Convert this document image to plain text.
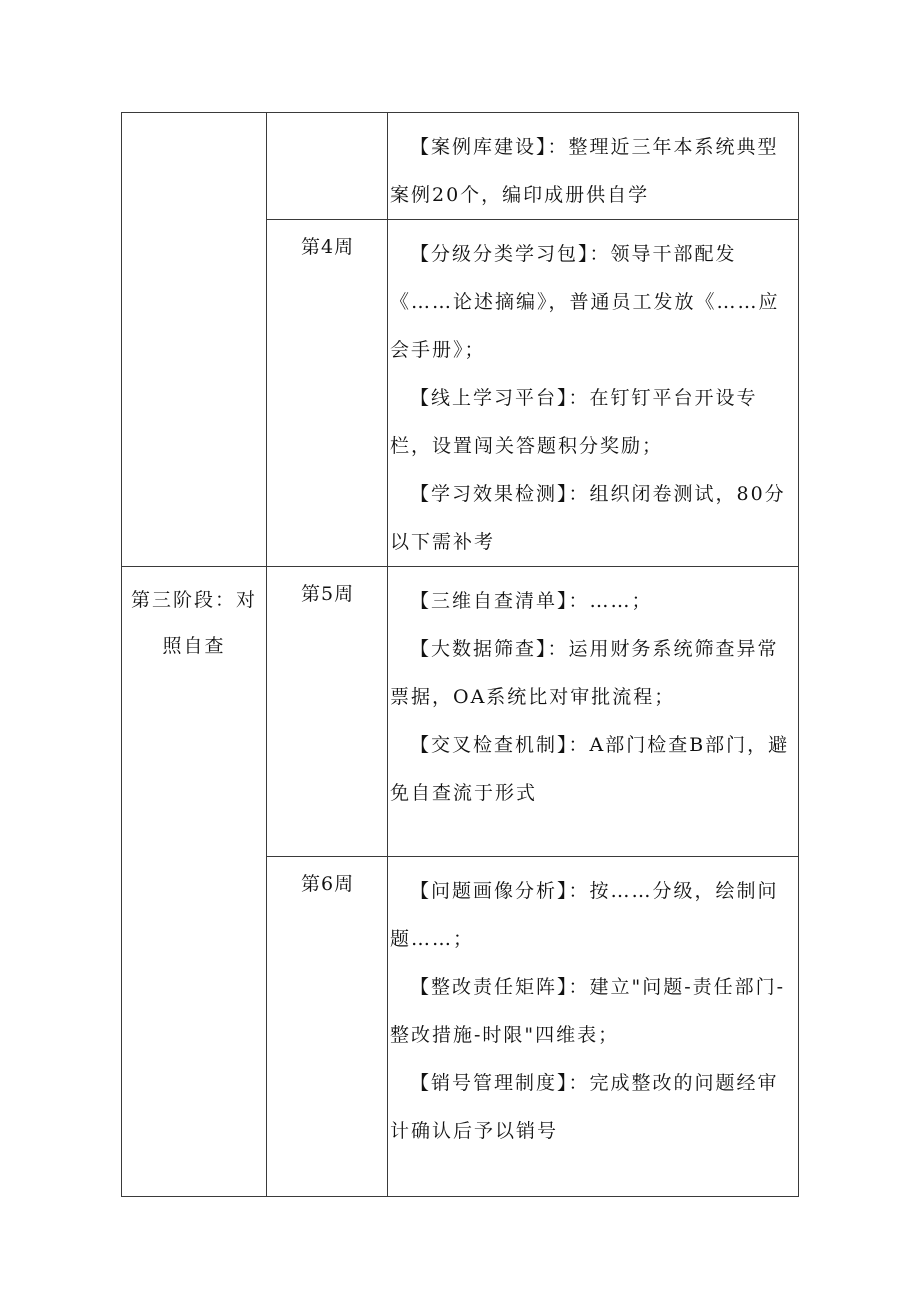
		【案例库建设】：整理近三年本系统典型案例20个，编印成册供自学

	第4周	【分级分类学习包】：领导干部配发《……论述摘编》，普通员工发放《……应会手册》；

【线上学习平台】：在钉钉平台开设专栏，设置闯关答题积分奖励；

【学习效果检测】：组织闭卷测试，80分以下需补考

第三阶段：对照自查	第5周	【三维自查清单】：……；

【大数据筛查】：运用财务系统筛查异常票据，OA系统比对审批流程；

【交叉检查机制】：A部门检查B部门，避免自查流于形式

	第6周	【问题画像分析】：按……分级，绘制问题……；

【整改责任矩阵】：建立"问题-责任部门-整改措施-时限"四维表；

【销号管理制度】：完成整改的问题经审计确认后予以销号
